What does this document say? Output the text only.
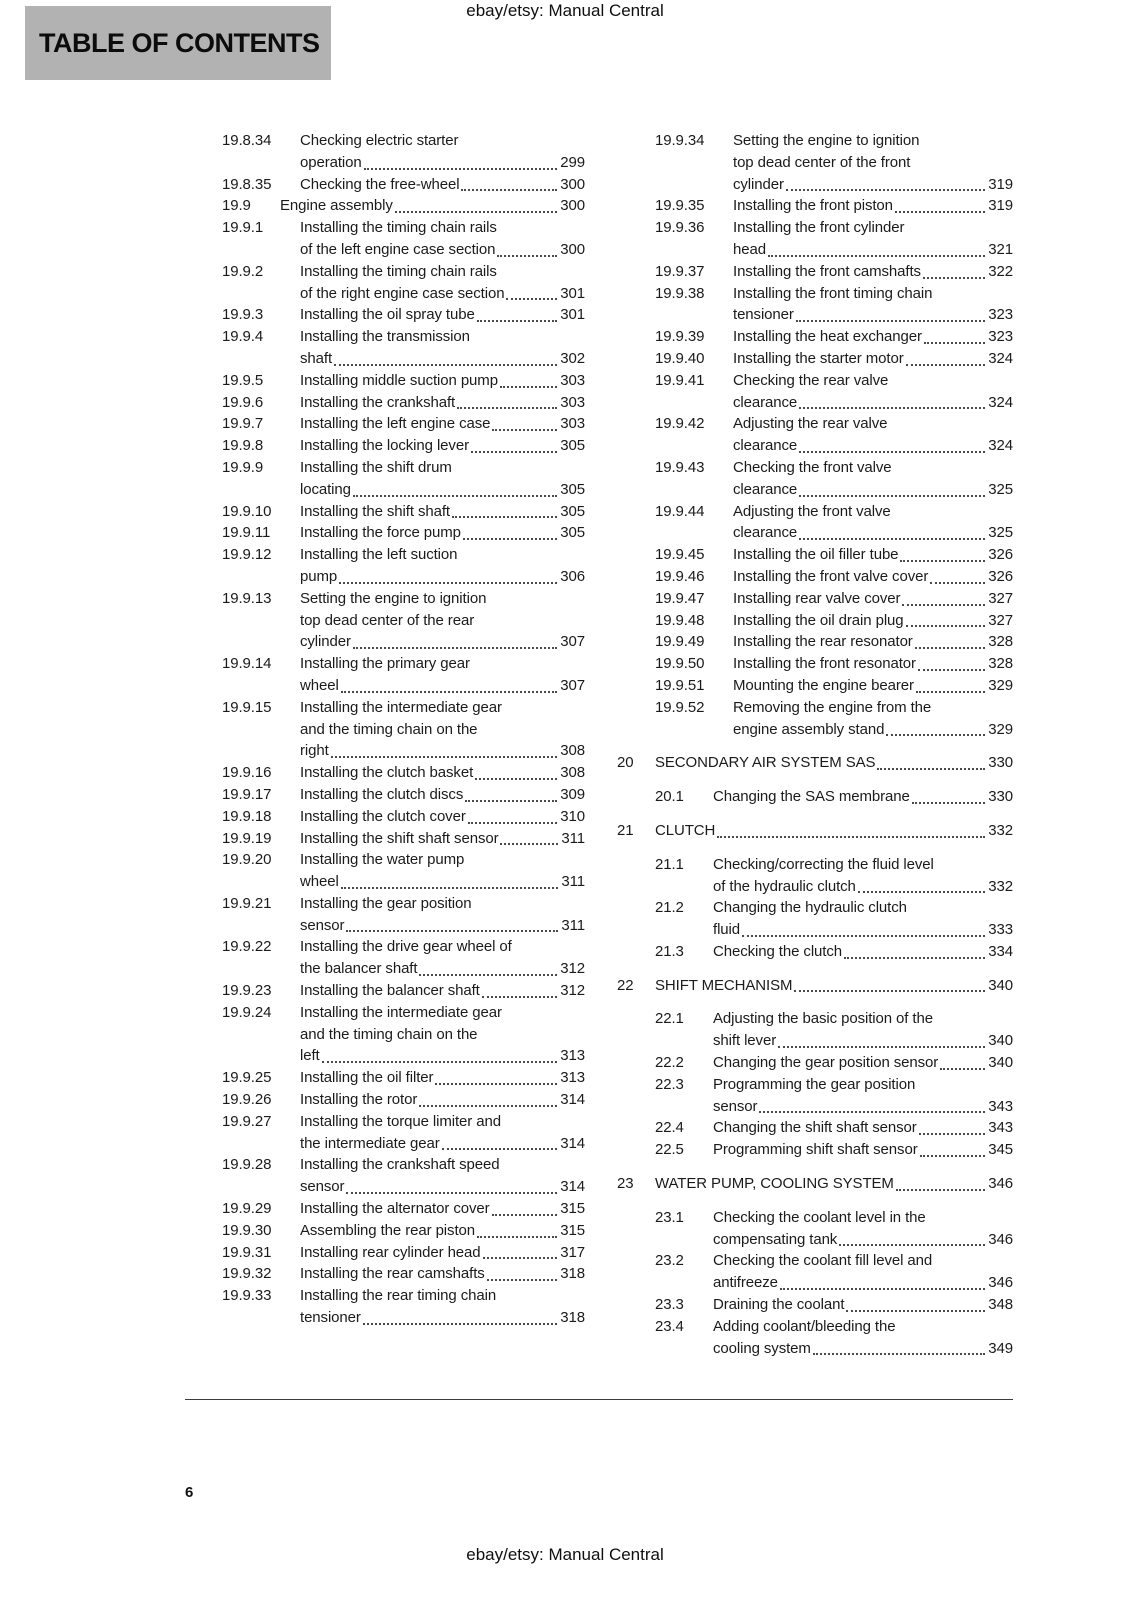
ebay/etsy: Manual Central
TABLE OF CONTENTS
19.8.34	Checking electric starter
operation	299
19.8.35	Checking the free-wheel	300
19.9	Engine assembly	300
19.9.1	Installing the timing chain rails
of the left engine case section	300
19.9.2	Installing the timing chain rails
of the right engine case section	301
19.9.3	Installing the oil spray tube	301
19.9.4	Installing the transmission
shaft	302
19.9.5	Installing middle suction pump	303
19.9.6	Installing the crankshaft	303
19.9.7	Installing the left engine case	303
19.9.8	Installing the locking lever	305
19.9.9	Installing the shift drum
locating	305
19.9.10	Installing the shift shaft	305
19.9.11	Installing the force pump	305
19.9.12	Installing the left suction
pump	306
19.9.13	Setting the engine to ignition
top dead center of the rear
cylinder	307
19.9.14	Installing the primary gear
wheel	307
19.9.15	Installing the intermediate gear
and the timing chain on the
right	308
19.9.16	Installing the clutch basket	308
19.9.17	Installing the clutch discs	309
19.9.18	Installing the clutch cover	310
19.9.19	Installing the shift shaft sensor	311
19.9.20	Installing the water pump
wheel	311
19.9.21	Installing the gear position
sensor	311
19.9.22	Installing the drive gear wheel of
the balancer shaft	312
19.9.23	Installing the balancer shaft	312
19.9.24	Installing the intermediate gear
and the timing chain on the
left	313
19.9.25	Installing the oil filter	313
19.9.26	Installing the rotor	314
19.9.27	Installing the torque limiter and
the intermediate gear	314
19.9.28	Installing the crankshaft speed
sensor	314
19.9.29	Installing the alternator cover	315
19.9.30	Assembling the rear piston	315
19.9.31	Installing rear cylinder head	317
19.9.32	Installing the rear camshafts	318
19.9.33	Installing the rear timing chain
tensioner	318
19.9.34	Setting the engine to ignition
top dead center of the front
cylinder	319
19.9.35	Installing the front piston	319
19.9.36	Installing the front cylinder
head	321
19.9.37	Installing the front camshafts	322
19.9.38	Installing the front timing chain
tensioner	323
19.9.39	Installing the heat exchanger	323
19.9.40	Installing the starter motor	324
19.9.41	Checking the rear valve
clearance	324
19.9.42	Adjusting the rear valve
clearance	324
19.9.43	Checking the front valve
clearance	325
19.9.44	Adjusting the front valve
clearance	325
19.9.45	Installing the oil filler tube	326
19.9.46	Installing the front valve cover	326
19.9.47	Installing rear valve cover	327
19.9.48	Installing the oil drain plug	327
19.9.49	Installing the rear resonator	328
19.9.50	Installing the front resonator	328
19.9.51	Mounting the engine bearer	329
19.9.52	Removing the engine from the
engine assembly stand	329
20	SECONDARY AIR SYSTEM SAS	330
20.1	Changing the SAS membrane	330
21	CLUTCH	332
21.1	Checking/correcting the fluid level
of the hydraulic clutch	332
21.2	Changing the hydraulic clutch
fluid	333
21.3	Checking the clutch	334
22	SHIFT MECHANISM	340
22.1	Adjusting the basic position of the
shift lever	340
22.2	Changing the gear position sensor	340
22.3	Programming the gear position
sensor	343
22.4	Changing the shift shaft sensor	343
22.5	Programming shift shaft sensor	345
23	WATER PUMP, COOLING SYSTEM	346
23.1	Checking the coolant level in the
compensating tank	346
23.2	Checking the coolant fill level and
antifreeze	346
23.3	Draining the coolant	348
23.4	Adding coolant/bleeding the
cooling system	349
6
ebay/etsy: Manual Central
